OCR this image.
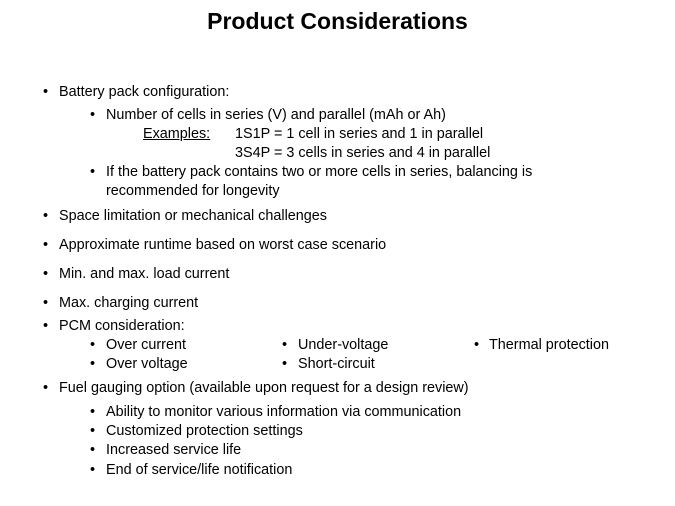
Product Considerations
•
Battery pack configuration:
•
Number of cells in series (V) and parallel (mAh or Ah)
Examples: 1S1P = 1 cell in series and 1 in parallel
3S4P = 3 cells in series and 4 in parallel
•
If the battery pack contains two or more cells in series, balancing is
recommended for longevity
•
Space limitation or mechanical challenges
•
Approximate runtime based on worst case scenario
•
Min. and max. load current
•
Max. charging current
•
PCM consideration:
•
Over current •	Under-voltage •	Thermal protection
•
Over voltage •	Short-circuit
•
Fuel gauging option (available upon request for a design review)
•
Ability to monitor various information via communication
•
Customized protection settings
•
Increased service life
•
End of service/life notification
